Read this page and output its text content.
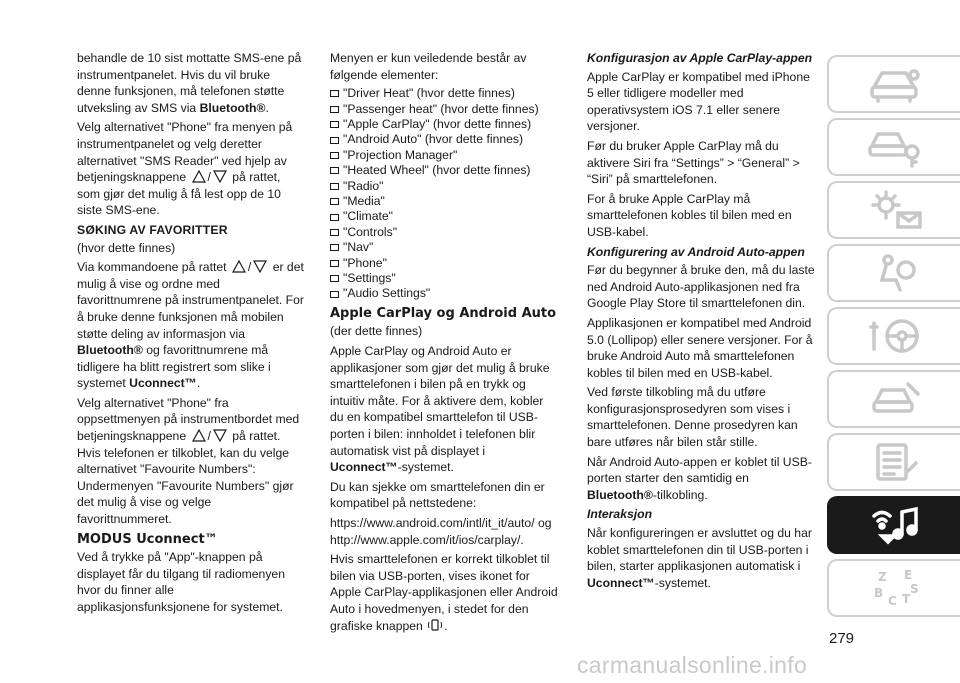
behandle de 10 sist mottatte SMS-ene på instrumentpanelet. Hvis du vil bruke denne funksjonen, må telefonen støtte utveksling av SMS via Bluetooth®.

Velg alternativet "Phone" fra menyen på instrumentpanelet og velg deretter alternativet "SMS Reader" ved hjelp av betjeningsknappene / på rattet, som gjør det mulig å få lest opp de 10 siste SMS-ene.

SØKING AV FAVORITTER

(hvor dette finnes)

Via kommandoene på rattet / er det mulig å vise og ordne med favorittnumrene på instrumentpanelet. For å bruke denne funksjonen må mobilen støtte deling av informasjon via Bluetooth® og favorittnumrene må tidligere ha blitt registrert som slike i systemet Uconnect™.

Velg alternativet "Phone" fra oppsettmenyen på instrumentbordet med betjeningsknappene / på rattet. Hvis telefonen er tilkoblet, kan du velge alternativet "Favourite Numbers": Undermenyen "Favourite Numbers" gjør det mulig å vise og velge favorittnummeret.

MODUS Uconnect™

Ved å trykke på "App"-knappen på displayet får du tilgang til radiomenyen hvor du finner alle applikasjonsfunksjonene for systemet.

Menyen er kun veiledende består av følgende elementer:

"Driver Heat" (hvor dette finnes)
"Passenger heat" (hvor dette finnes)
"Apple CarPlay" (hvor dette finnes)
"Android Auto" (hvor dette finnes)
"Projection Manager"
"Heated Wheel" (hvor dette finnes)
"Radio"
"Media"
"Climate"
"Controls"
"Nav"
"Phone"
"Settings"
"Audio Settings"
Apple CarPlay og Android Auto

(der dette finnes)

Apple CarPlay og Android Auto er applikasjoner som gjør det mulig å bruke smarttelefonen i bilen på en trykk og intuitiv måte. For å aktivere dem, kobler du en kompatibel smarttelefon til USB-porten i bilen: innholdet i telefonen blir automatisk vist på displayet i
Uconnect™-systemet.

Du kan sjekke om smarttelefonen din er kompatibel på nettstedene:

https://www.android.com/intl/it_it/auto/ og http://www.apple.com/it/ios/carplay/.

Hvis smarttelefonen er korrekt tilkoblet til bilen via USB-porten, vises ikonet for Apple CarPlay-applikasjonen eller Android Auto i hovedmenyen, i stedet for den grafiske knappen .

Konfigurasjon av Apple CarPlay-appen

Apple CarPlay er kompatibel med iPhone 5 eller tidligere modeller med operativsystem iOS 7.1 eller senere versjoner.

Før du bruker Apple CarPlay må du aktivere Siri fra “Settings” > “General” > “Siri” på smarttelefonen.

For å bruke Apple CarPlay må smarttelefonen kobles til bilen med en USB-kabel.

Konfigurering av Android Auto-appen

Før du begynner å bruke den, må du laste ned Android Auto-applikasjonen ned fra Google Play Store til smarttelefonen din.

Applikasjonen er kompatibel med Android 5.0 (Lollipop) eller senere versjoner. For å bruke Android Auto må smarttelefonen kobles til bilen med en USB-kabel.

Ved første tilkobling må du utføre konfigurasjonsprosedyren som vises i smarttelefonen. Denne prosedyren kan bare utføres når bilen står stille.

Når Android Auto-appen er koblet til USB-porten starter den samtidig en
Bluetooth®-tilkobling.

Interaksjon

Når konfigureringen er avsluttet og du har koblet smarttelefonen din til USB-porten i bilen, starter applikasjonen automatisk i Uconnect™-systemet.	Z E
B
C T
S
279
carmanualsonline.info
